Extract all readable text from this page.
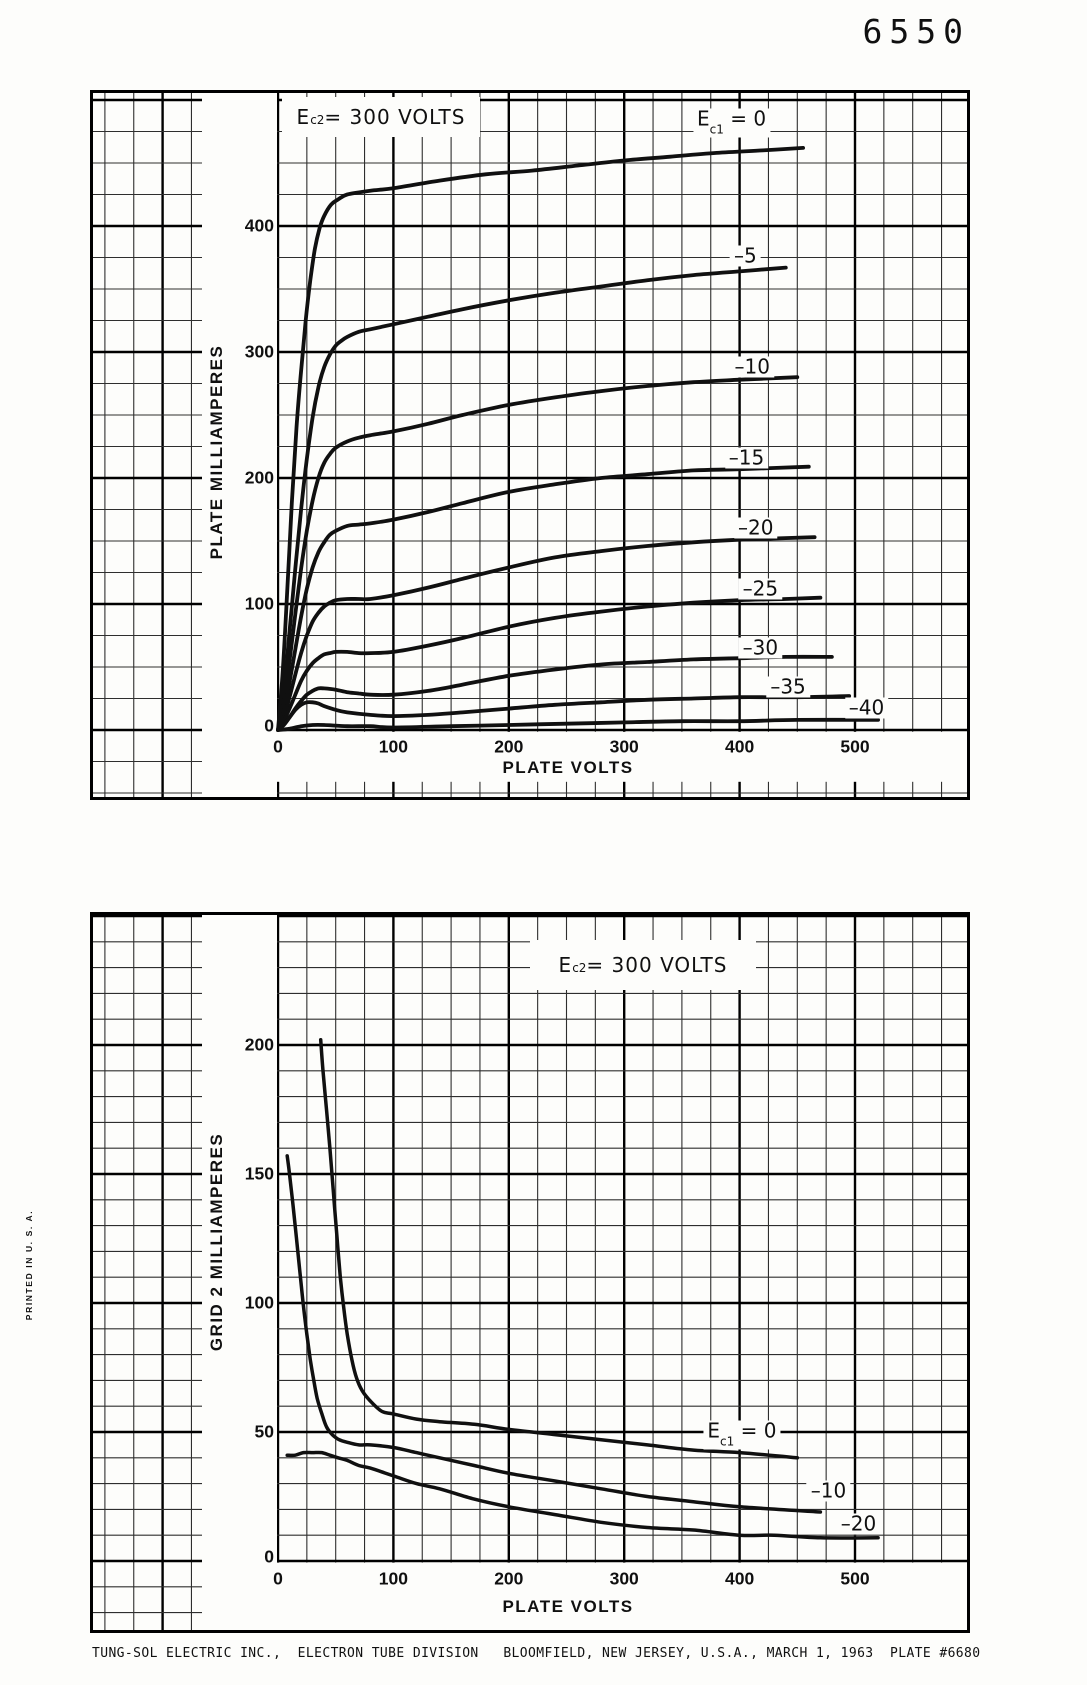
6550
PRINTED IN U. S. A.
$E_{c2} = 300$ VOLTS
PLATE MILLIAMPERES
PLATE VOLTS
400
300
200
100
0
0	100	200	300	400	500
$E_{c1} = 0$
–5
–10
–15
–20
–25
–30
–35
–40
$E_{c2} = 300$ VOLTS
GRID 2 MILLIAMPERES
PLATE VOLTS
200
150
100
50
0
0	100	200	300	400	500
$E_{c1} = 0$
–10
–20
TUNG-SOL ELECTRIC INC.,  ELECTRON TUBE DIVISION   BLOOMFIELD, NEW JERSEY, U.S.A., MARCH 1, 1963  PLATE #6680
